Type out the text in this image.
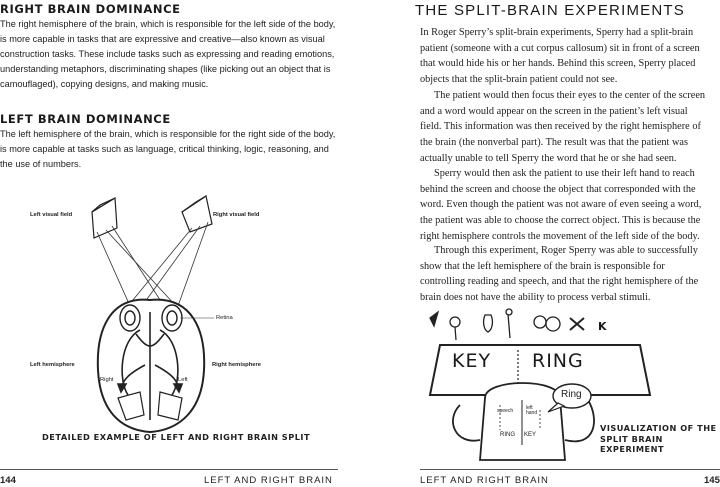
RIGHT BRAIN DOMINANCE

The right hemisphere of the brain, which is responsible for the left side of the body, is more capable in tasks that are expressive and creative—also known as visual construction tasks. These include tasks such as expressing and reading emotions, understanding metaphors, discriminating shapes (like picking out an object that is camouflaged), copying designs, and making music.

LEFT BRAIN DOMINANCE

The left hemisphere of the brain, which is responsible for the right side of the body, is more capable at tasks such as language, critical thinking, logic, reasoning, and the use of numbers.

Left visual field	Right visual field
Retina
Left hemisphere	Right hemisphere
Right	Left
DETAILED EXAMPLE OF LEFT AND RIGHT BRAIN SPLIT
144	LEFT AND RIGHT BRAIN
THE SPLIT-BRAIN EXPERIMENTS

In Roger Sperry’s split-brain experiments, Sperry had a split-brain patient (someone with a cut corpus callosum) sit in front of a screen that would hide his or her hands. Behind this screen, Sperry placed objects that the split-brain patient could not see.

The patient would then focus their eyes to the center of the screen and a word would appear on the screen in the patient’s left visual field. This information was then received by the right hemisphere of the brain (the nonverbal part). The result was that the patient was actually unable to tell Sperry the word that he or she had seen.

Sperry would then ask the patient to use their left hand to reach behind the screen and choose the object that corresponded with the word. Even though the patient was not aware of even seeing a word, the patient was able to choose the correct object. This is because the right hemisphere controls the movement of the left side of the body.

Through this experiment, Roger Sperry was able to successfully show that the left hemisphere of the brain is responsible for controlling reading and speech, and that the right hemisphere of the brain does not have the ability to process verbal stimuli.

KEY RING
K
Ring
speech	left hand
RING KEY
VISUALIZATION OF THE
SPLIT BRAIN EXPERIMENT
LEFT AND RIGHT BRAIN	145
